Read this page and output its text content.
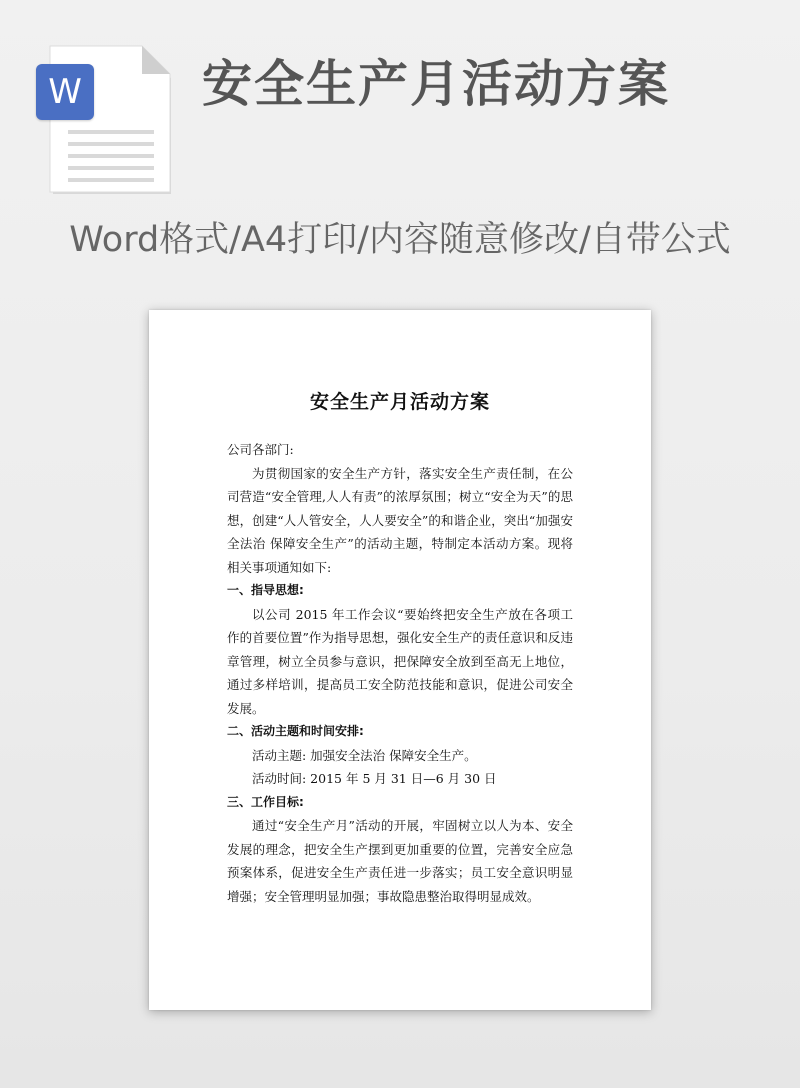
W 安全生产月活动方案
Word格式/A4打印/内容随意修改/自带公式
安全生产月活动方案

公司各部门:

为贯彻国家的安全生产方针，落实安全生产责任制，在公司营造“安全管理,人人有责”的浓厚氛围；树立“安全为天”的思想，创建“人人管安全，人人要安全”的和谐企业，突出“加强安全法治 保障安全生产”的活动主题，特制定本活动方案。现将相关事项通知如下:

一、指导思想:

以公司 2015 年工作会议“要始终把安全生产放在各项工作的首要位置”作为指导思想，强化安全生产的责任意识和反违章管理，树立全员参与意识，把保障安全放到至高无上地位，通过多样培训，提高员工安全防范技能和意识，促进公司安全发展。

二、活动主题和时间安排:

活动主题: 加强安全法治 保障安全生产。

活动时间: 2015 年 5 月 31 日—6 月 30 日

三、工作目标:

通过“安全生产月”活动的开展，牢固树立以人为本、安全发展的理念，把安全生产摆到更加重要的位置，完善安全应急预案体系，促进安全生产责任进一步落实；员工安全意识明显增强；安全管理明显加强；事故隐患整治取得明显成效。
